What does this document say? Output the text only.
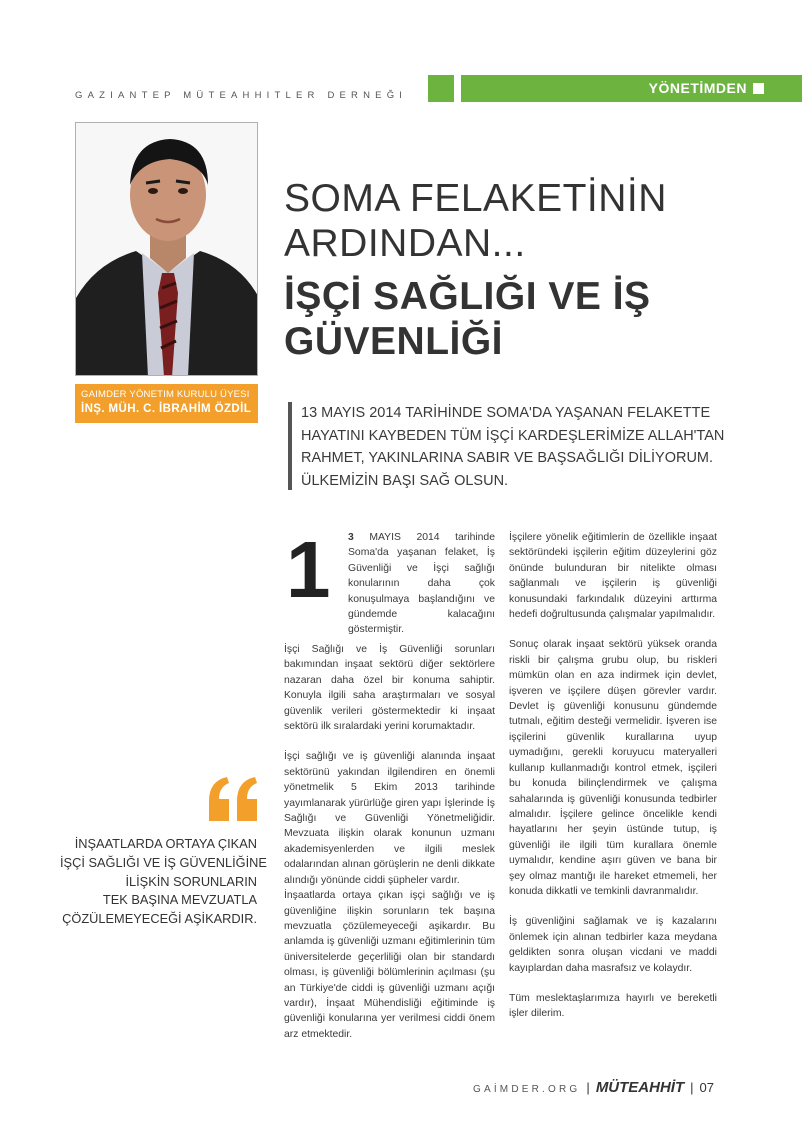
GAZIANTEP MÜTEAHHITLER DERNEĞI	YÖNETİMDEN
GAIMDER YÖNETIM KURULU ÜYESI
İNŞ. MÜH. C. İBRAHİM ÖZDİL
SOMA FELAKETİNİN
ARDINDAN...
İŞÇİ SAĞLIĞI VE İŞ
GÜVENLİĞİ
13 MAYIS 2014 TARİHİNDE SOMA'DA YAŞANAN FELAKETTE
HAYATINI KAYBEDEN TÜM İŞÇİ KARDEŞLERİMİZE ALLAH'TAN
RAHMET, YAKINLARINA SABIR VE BAŞSAĞLIĞI DİLİYORUM.
ÜLKEMİZİN BAŞI SAĞ OLSUN.
İNŞAATLARDA ORTAYA ÇIKAN
İŞÇİ SAĞLIĞI VE İŞ GÜVENLİĞİNE
İLİŞKİN SORUNLARIN
TEK BAŞINA MEVZUATLA
ÇÖZÜLEMEYECEĞİ AŞİKARDIR.
1 3 MAYIS 2014 tarihinde Soma'da yaşanan felaket, İş Güvenliği ve İşçi sağlığı konularının daha çok konuşulmaya başlandığını ve gündemde kalacağını göstermiştir.

İşçi Sağlığı ve İş Güvenliği sorunları bakımından inşaat sektörü diğer sektörlere nazaran daha özel bir konuma sahiptir. Konuyla ilgili saha araştırmaları ve sosyal güvenlik verileri göstermektedir ki inşaat sektörü ilk sıralardaki yerini korumaktadır.

İşçi sağlığı ve iş güvenliği alanında inşaat sektörünü yakından ilgilendiren en önemli yönetmelik 5 Ekim 2013 tarihinde yayımlanarak yürürlüğe giren yapı İşlerinde İş Sağlığı ve Güvenliği Yönetmeliğidir. Mevzuata ilişkin olarak konunun uzmanı akademisyenlerden ve ilgili meslek odalarından alınan görüşlerin ne denli dikkate alındığı yönünde ciddi şüpheler vardır.

İnşaatlarda ortaya çıkan işçi sağlığı ve iş güvenliğine ilişkin sorunların tek başına mevzuatla çözülemeyeceği aşikardır. Bu anlamda iş güvenliği uzmanı eğitimlerinin tüm üniversitelerde geçerliliği olan bir standardı olması, iş güvenliği bölümlerinin açılması (şu an Türkiye'de ciddi iş güvenliği uzmanı açığı vardır), İnşaat Mühendisliği eğitiminde iş güvenliği konularına yer verilmesi ciddi önem arz etmektedir.

İşçilere yönelik eğitimlerin de özellikle inşaat sektöründeki işçilerin eğitim düzeylerini göz önünde bulunduran bir nitelikte olması sağlanmalı ve işçilerin iş güvenliği konusundaki farkındalık düzeyini arttırma hedefi doğrultusunda çalışmalar yapılmalıdır.

Sonuç olarak inşaat sektörü yüksek oranda riskli bir çalışma grubu olup, bu riskleri mümkün olan en aza indirmek için devlet, işveren ve işçilere düşen görevler vardır. Devlet iş güvenliği konusunu gündemde tutmalı, eğitim desteği vermelidir. İşveren ise işçilerini güvenlik kurallarına uyup uymadığını, gerekli koruyucu materyalleri kullanıp kullanmadığı kontrol etmek, işçileri bu konuda bilinçlendirmek ve çalışma sahalarında iş güvenliği konusunda tedbirler almalıdır. İşçilere gelince öncelikle kendi hayatlarını her şeyin üstünde tutup, iş güvenliği ile ilgili tüm kurallara önemle uymalıdır, kendine aşırı güven ve bana bir şey olmaz mantığı ile hareket etmemeli, her konuda dikkatli ve temkinli davranmalıdır.

İş güvenliğini sağlamak ve iş kazalarını önlemek için alınan tedbirler kaza meydana geldikten sonra oluşan vicdani ve maddi kayıplardan daha masrafsız ve kolaydır.

Tüm meslektaşlarımıza hayırlı ve bereketli işler dilerim.

GAİMDER.ORG | MÜTEAHHİT | 07
